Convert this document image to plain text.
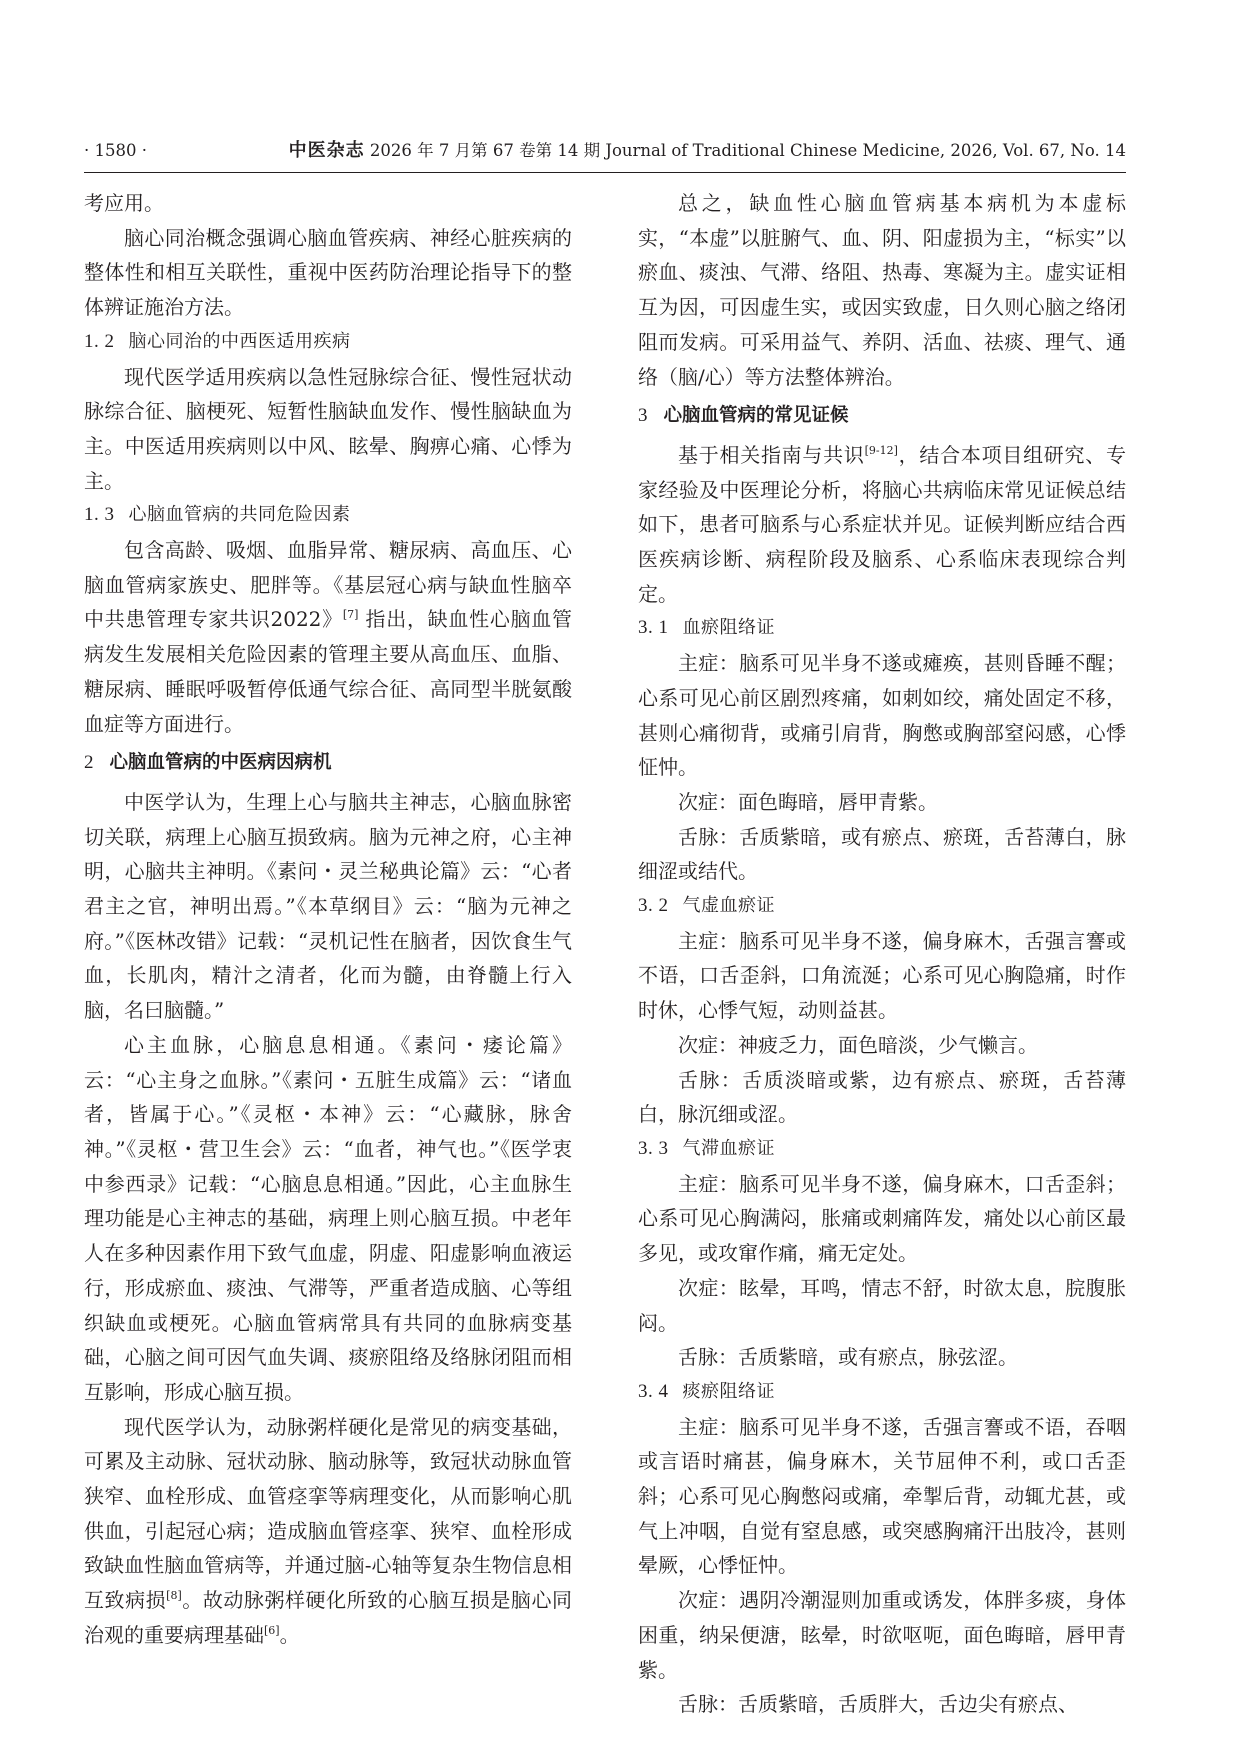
· 1580 ·	中医杂志 2026 年 7 月第 67 卷第 14 期 Journal of Traditional Chinese Medicine, 2026, Vol. 67, No. 14

考应用。

脑心同治概念强调心脑血管疾病、神经心脏疾病的整体性和相互关联性，重视中医药防治理论指导下的整体辨证施治方法。

1. 2 脑心同治的中西医适用疾病

现代医学适用疾病以急性冠脉综合征、慢性冠状动脉综合征、脑梗死、短暂性脑缺血发作、慢性脑缺血为主。中医适用疾病则以中风、眩晕、胸痹心痛、心悸为主。

1. 3 心脑血管病的共同危险因素

包含高龄、吸烟、血脂异常、糖尿病、高血压、心脑血管病家族史、肥胖等。《基层冠心病与缺血性脑卒中共患管理专家共识2022》[7] 指出，缺血性心脑血管病发生发展相关危险因素的管理主要从高血压、血脂、糖尿病、睡眠呼吸暂停低通气综合征、高同型半胱氨酸血症等方面进行。

2 心脑血管病的中医病因病机

中医学认为，生理上心与脑共主神志，心脑血脉密切关联，病理上心脑互损致病。脑为元神之府，心主神明，心脑共主神明。《素问・灵兰秘典论篇》云：“心者君主之官，神明出焉。”《本草纲目》云：“脑为元神之府。”《医林改错》记载：“灵机记性在脑者，因饮食生气血，长肌肉，精汁之清者，化而为髓，由脊髓上行入脑，名曰脑髓。”

心主血脉，心脑息息相通。《素问・痿论篇》云：“心主身之血脉。”《素问・五脏生成篇》云：“诸血者，皆属于心。”《灵枢・本神》云：“心藏脉，脉舍神。”《灵枢・营卫生会》云：“血者，神气也。”《医学衷中参西录》记载：“心脑息息相通。”因此，心主血脉生理功能是心主神志的基础，病理上则心脑互损。中老年人在多种因素作用下致气血虚，阴虚、阳虚影响血液运行，形成瘀血、痰浊、气滞等，严重者造成脑、心等组织缺血或梗死。心脑血管病常具有共同的血脉病变基础，心脑之间可因气血失调、痰瘀阻络及络脉闭阻而相互影响，形成心脑互损。

现代医学认为，动脉粥样硬化是常见的病变基础，可累及主动脉、冠状动脉、脑动脉等，致冠状动脉血管狭窄、血栓形成、血管痉挛等病理变化，从而影响心肌供血，引起冠心病；造成脑血管痉挛、狭窄、血栓形成致缺血性脑血管病等，并通过脑-心轴等复杂生物信息相互致病损[8]。故动脉粥样硬化所致的心脑互损是脑心同治观的重要病理基础[6]。

总之，缺血性心脑血管病基本病机为本虚标实，“本虚”以脏腑气、血、阴、阳虚损为主，“标实”以瘀血、痰浊、气滞、络阻、热毒、寒凝为主。虚实证相互为因，可因虚生实，或因实致虚，日久则心脑之络闭阻而发病。可采用益气、养阴、活血、祛痰、理气、通络（脑/心）等方法整体辨治。

3 心脑血管病的常见证候

基于相关指南与共识[9-12]，结合本项目组研究、专家经验及中医理论分析，将脑心共病临床常见证候总结如下，患者可脑系与心系症状并见。证候判断应结合西医疾病诊断、病程阶段及脑系、心系临床表现综合判定。

3. 1 血瘀阻络证

主症：脑系可见半身不遂或瘫痪，甚则昏睡不醒；心系可见心前区剧烈疼痛，如刺如绞，痛处固定不移，甚则心痛彻背，或痛引肩背，胸憋或胸部窒闷感，心悸怔忡。

次症：面色晦暗，唇甲青紫。

舌脉：舌质紫暗，或有瘀点、瘀斑，舌苔薄白，脉细涩或结代。

3. 2 气虚血瘀证

主症：脑系可见半身不遂，偏身麻木，舌强言謇或不语，口舌歪斜，口角流涎；心系可见心胸隐痛，时作时休，心悸气短，动则益甚。

次症：神疲乏力，面色暗淡，少气懒言。

舌脉：舌质淡暗或紫，边有瘀点、瘀斑，舌苔薄白，脉沉细或涩。

3. 3 气滞血瘀证

主症：脑系可见半身不遂，偏身麻木，口舌歪斜；心系可见心胸满闷，胀痛或刺痛阵发，痛处以心前区最多见，或攻窜作痛，痛无定处。

次症：眩晕，耳鸣，情志不舒，时欲太息，脘腹胀闷。

舌脉：舌质紫暗，或有瘀点，脉弦涩。

3. 4 痰瘀阻络证

主症：脑系可见半身不遂，舌强言謇或不语，吞咽或言语时痛甚，偏身麻木，关节屈伸不利，或口舌歪斜；心系可见心胸憋闷或痛，牵掣后背，动辄尤甚，或气上冲咽，自觉有窒息感，或突感胸痛汗出肢冷，甚则晕厥，心悸怔忡。

次症：遇阴冷潮湿则加重或诱发，体胖多痰，身体困重，纳呆便溏，眩晕，时欲呕呃，面色晦暗，唇甲青紫。

舌脉：舌质紫暗，舌质胖大，舌边尖有瘀点、
